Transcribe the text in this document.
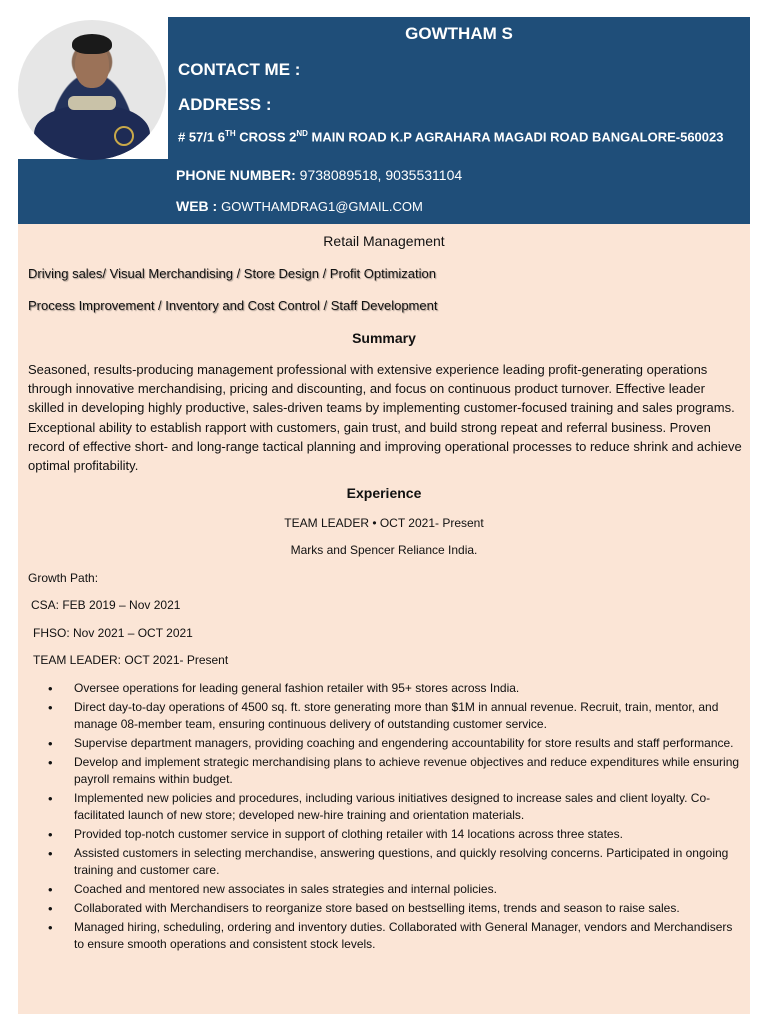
GOWTHAM S
CONTACT ME :
ADDRESS :
# 57/1 6TH CROSS 2ND MAIN ROAD K.P AGRAHARA MAGADI ROAD BANGALORE-560023
PHONE NUMBER: 9738089518, 9035531104
WEB : GOWTHAMDRAG1@GMAIL.COM
Retail Management
Driving sales/ Visual Merchandising / Store Design / Profit Optimization
Process Improvement / Inventory and Cost Control / Staff Development
Summary
Seasoned, results-producing management professional with extensive experience leading profit-generating operations through innovative merchandising, pricing and discounting, and focus on continuous product turnover. Effective leader skilled in developing highly productive, sales-driven teams by implementing customer-focused training and sales programs. Exceptional ability to establish rapport with customers, gain trust, and build strong repeat and referral business. Proven record of effective short- and long-range tactical planning and improving operational processes to reduce shrink and achieve optimal profitability.
Experience
TEAM LEADER • OCT 2021- Present
Marks and Spencer Reliance India.
Growth Path:
CSA: FEB 2019 – Nov 2021
FHSO: Nov 2021 – OCT 2021
TEAM LEADER: OCT 2021- Present
• Oversee operations for leading general fashion retailer with 95+ stores across India.
• Direct day-to-day operations of 4500 sq. ft. store generating more than $1M in annual revenue. Recruit, train, mentor, and manage 08-member team, ensuring continuous delivery of outstanding customer service.
• Supervise department managers, providing coaching and engendering accountability for store results and staff performance.
• Develop and implement strategic merchandising plans to achieve revenue objectives and reduce expenditures while ensuring payroll remains within budget.
• Implemented new policies and procedures, including various initiatives designed to increase sales and client loyalty. Co-facilitated launch of new store; developed new-hire training and orientation materials.
• Provided top-notch customer service in support of clothing retailer with 14 locations across three states.
• Assisted customers in selecting merchandise, answering questions, and quickly resolving concerns. Participated in ongoing training and customer care.
• Coached and mentored new associates in sales strategies and internal policies.
• Collaborated with Merchandisers to reorganize store based on bestselling items, trends and season to raise sales.
• Managed hiring, scheduling, ordering and inventory duties. Collaborated with General Manager, vendors and Merchandisers to ensure smooth operations and consistent stock levels.
